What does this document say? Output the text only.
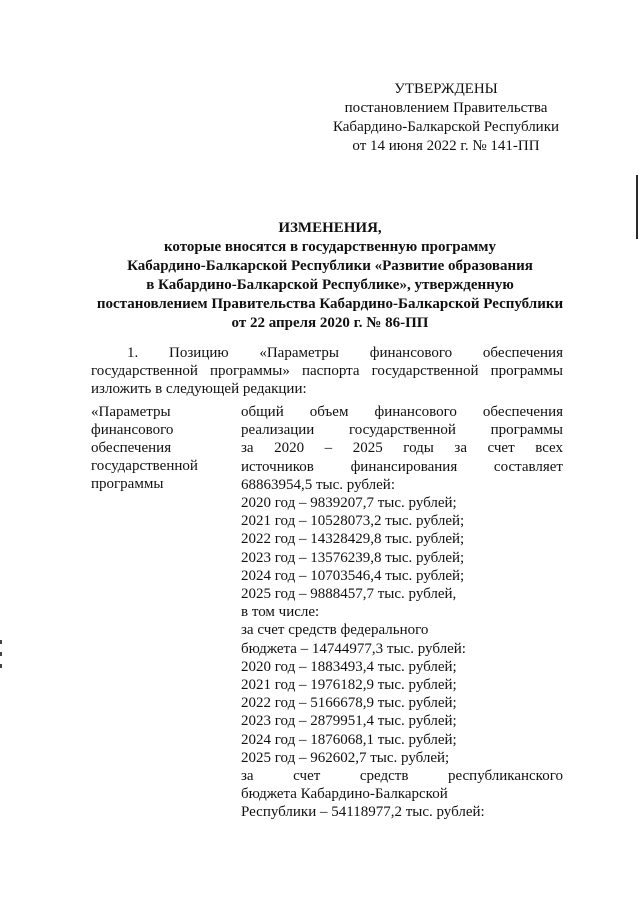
УТВЕРЖДЕНЫ
постановлением Правительства
Кабардино-Балкарской Республики
от 14 июня 2022 г. № 141-ПП
ИЗМЕНЕНИЯ,
которые вносятся в государственную программу
Кабардино-Балкарской Республики «Развитие образования
в Кабардино-Балкарской Республике», утвержденную
постановлением Правительства Кабардино-Балкарской Республики
от 22 апреля 2020 г. № 86-ПП
1. Позицию «Параметры финансового обеспечения
государственной программы» паспорта государственной программы
изложить в следующей редакции:
«Параметры
финансового
обеспечения
государственной
программы
общий объем финансового обеспечения
реализации государственной программы
за 2020 – 2025 годы за счет всех
источников финансирования составляет
68863954,5 тыс. рублей:
2020 год – 9839207,7 тыс. рублей;
2021 год – 10528073,2 тыс. рублей;
2022 год – 14328429,8 тыс. рублей;
2023 год – 13576239,8 тыс. рублей;
2024 год – 10703546,4 тыс. рублей;
2025 год – 9888457,7 тыс. рублей,
в том числе:
за счет средств федерального
бюджета – 14744977,3 тыс. рублей:
2020 год – 1883493,4 тыс. рублей;
2021 год – 1976182,9 тыс. рублей;
2022 год – 5166678,9 тыс. рублей;
2023 год – 2879951,4 тыс. рублей;
2024 год – 1876068,1 тыс. рублей;
2025 год – 962602,7 тыс. рублей;
за счет средств республиканского
бюджета Кабардино-Балкарской
Республики – 54118977,2 тыс. рублей:
